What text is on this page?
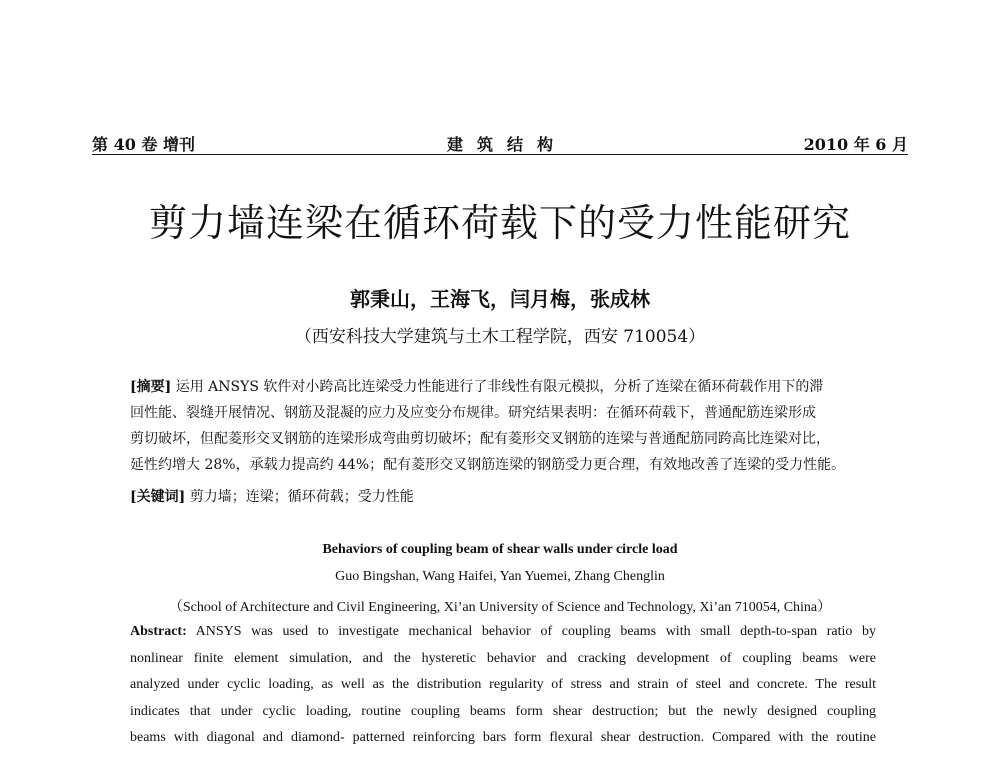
第 40 卷 增刊	建筑结构	2010 年 6 月
剪力墙连梁在循环荷载下的受力性能研究
郭秉山，王海飞，闫月梅，张成林
（西安科技大学建筑与土木工程学院，西安 710054）
[摘要] 运用 ANSYS 软件对小跨高比连梁受力性能进行了非线性有限元模拟，分析了连梁在循环荷载作用下的滞
回性能、裂缝开展情况、钢筋及混凝的应力及应变分布规律。研究结果表明：在循环荷载下，普通配筋连梁形成
剪切破坏，但配菱形交叉钢筋的连梁形成弯曲剪切破坏；配有菱形交叉钢筋的连梁与普通配筋同跨高比连梁对比，
延性约增大 28%，承载力提高约 44%；配有菱形交叉钢筋连梁的钢筋受力更合理，有效地改善了连梁的受力性能。
[关键词] 剪力墙；连梁；循环荷载；受力性能
Behaviors of coupling beam of shear walls under circle load
Guo Bingshan, Wang Haifei, Yan Yuemei, Zhang Chenglin
（School of Architecture and Civil Engineering, Xi’an University of Science and Technology, Xi’an 710054, China）
Abstract: ANSYS was used to investigate mechanical behavior of coupling beams with small depth-to-span ratio by
nonlinear finite element simulation, and the hysteretic behavior and cracking development of coupling beams were
analyzed under cyclic loading, as well as the distribution regularity of stress and strain of steel and concrete. The result
indicates that under cyclic loading, routine coupling beams form shear destruction; but the newly designed coupling
beams with diagonal and diamond- patterned reinforcing bars form flexural shear destruction. Compared with the routine
